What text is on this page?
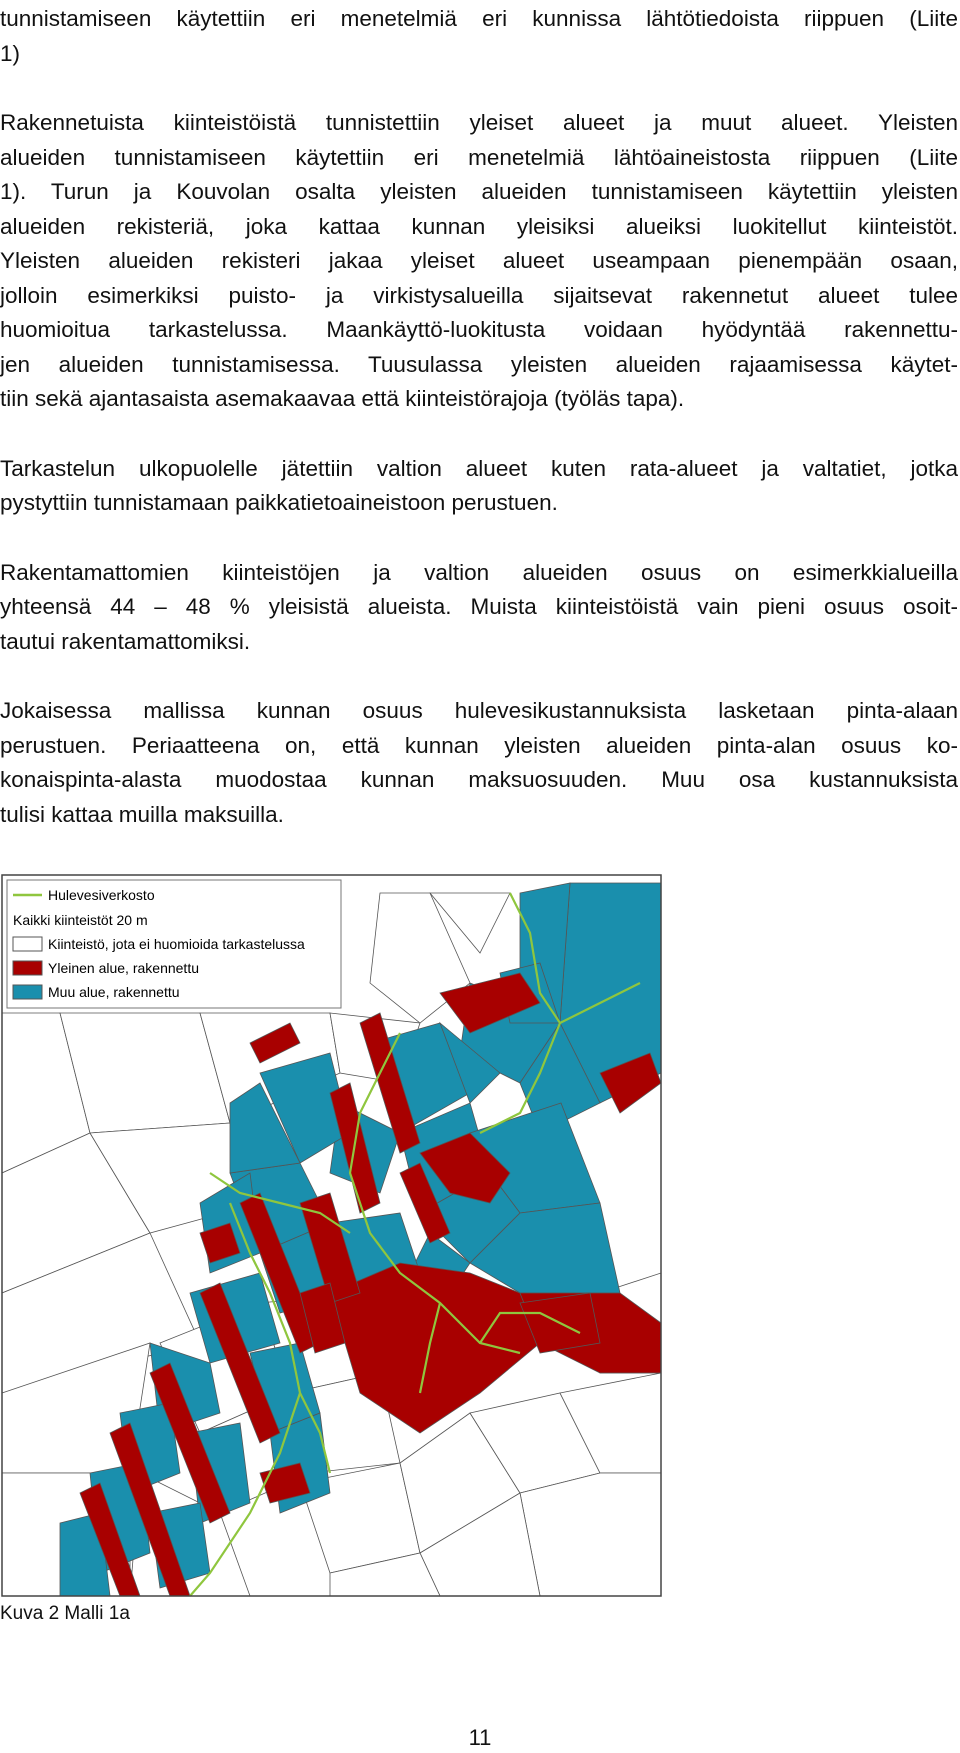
tunnistamiseen käytettiin eri menetelmiä eri kunnissa lähtötiedoista riippuen (Liite
1)
Rakennetuista kiinteistöistä tunnistettiin yleiset alueet ja muut alueet. Yleisten
alueiden tunnistamiseen käytettiin eri menetelmiä lähtöaineistosta riippuen (Liite
1). Turun ja Kouvolan osalta yleisten alueiden tunnistamiseen käytettiin yleisten
alueiden rekisteriä, joka kattaa kunnan yleisiksi alueiksi luokitellut kiinteistöt.
Yleisten alueiden rekisteri jakaa yleiset alueet useampaan pienempään osaan,
jolloin esimerkiksi puisto- ja virkistysalueilla sijaitsevat rakennetut alueet tulee
huomioitua tarkastelussa. Maankäyttö-luokitusta voidaan hyödyntää rakennettu-
jen alueiden tunnistamisessa. Tuusulassa yleisten alueiden rajaamisessa käytet-
tiin sekä ajantasaista asemakaavaa että kiinteistörajoja (työläs tapa).
Tarkastelun ulkopuolelle jätettiin valtion alueet kuten rata-alueet ja valtatiet, jotka
pystyttiin tunnistamaan paikkatietoaineistoon perustuen.
Rakentamattomien kiinteistöjen ja valtion alueiden osuus on esimerkkialueilla
yhteensä 44 – 48 % yleisistä alueista. Muista kiinteistöistä vain pieni osuus osoit-
tautui rakentamattomiksi.
Jokaisessa mallissa kunnan osuus hulevesikustannuksista lasketaan pinta-alaan
perustuen. Periaatteena on, että kunnan yleisten alueiden pinta-alan osuus ko-
konaispinta-alasta muodostaa kunnan maksuosuuden. Muu osa kustannuksista
tulisi kattaa muilla maksuilla.
Hulevesiverkosto
Kaikki kiinteistöt 20 m
Kiinteistö, jota ei huomioida tarkastelussa
Yleinen alue, rakennettu
Muu alue, rakennettu
Kuva 2 Malli 1a
11
